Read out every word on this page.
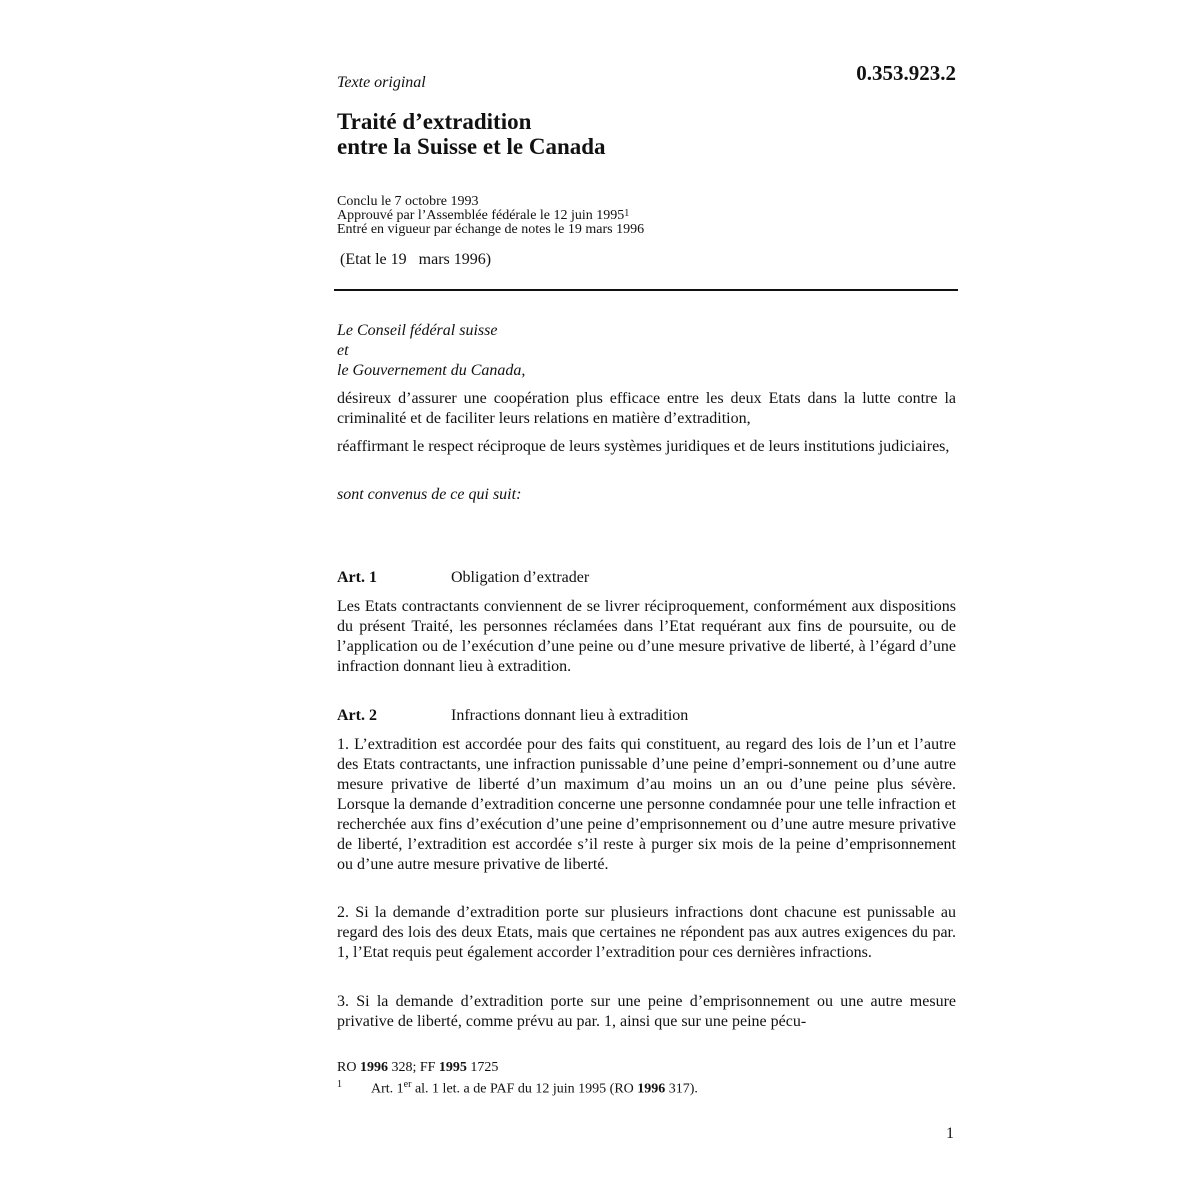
Texte original	0.353.923.2
Traité d’extradition
entre la Suisse et le Canada
Conclu le 7 octobre 1993
Approuvé par l’Assemblée fédérale le 12 juin 1995$^1$
Entré en vigueur par échange de notes le 19 mars 1996
(Etat le 19   mars 1996)
Le Conseil fédéral suisse
et
le Gouvernement du Canada,
désireux d’assurer une coopération plus efficace entre les deux Etats dans la lutte contre la criminalité et de faciliter leurs relations en matière d’extradition,
réaffirmant le respect réciproque de leurs systèmes juridiques et de leurs institutions judiciaires,
sont convenus de ce qui suit:
Art. 1	Obligation d’extrader
Les Etats contractants conviennent de se livrer réciproquement, conformément aux dispositions du présent Traité, les personnes réclamées dans l’Etat requérant aux fins de poursuite, ou de l’application ou de l’exécution d’une peine ou d’une mesure privative de liberté, à l’égard d’une infraction donnant lieu à extradition.
Art. 2	Infractions donnant lieu à extradition
1. L’extradition est accordée pour des faits qui constituent, au regard des lois de l’un et l’autre des Etats contractants, une infraction punissable d’une peine d’empri-sonnement ou d’une autre mesure privative de liberté d’un maximum d’au moins un an ou d’une peine plus sévère. Lorsque la demande d’extradition concerne une personne condamnée pour une telle infraction et recherchée aux fins d’exécution d’une peine d’emprisonnement ou d’une autre mesure privative de liberté, l’extradition est accordée s’il reste à purger six mois de la peine d’emprisonnement ou d’une autre mesure privative de liberté.
2. Si la demande d’extradition porte sur plusieurs infractions dont chacune est punissable au regard des lois des deux Etats, mais que certaines ne répondent pas aux autres exigences du par. 1, l’Etat requis peut également accorder l’extradition pour ces dernières infractions.
3. Si la demande d’extradition porte sur une peine d’emprisonnement ou une autre mesure privative de liberté, comme prévu au par. 1, ainsi que sur une peine pécu-
RO 1996 328; FF 1995 1725
1 Art. 1er al. 1 let. a de PAF du 12 juin 1995 (RO 1996 317).
1
